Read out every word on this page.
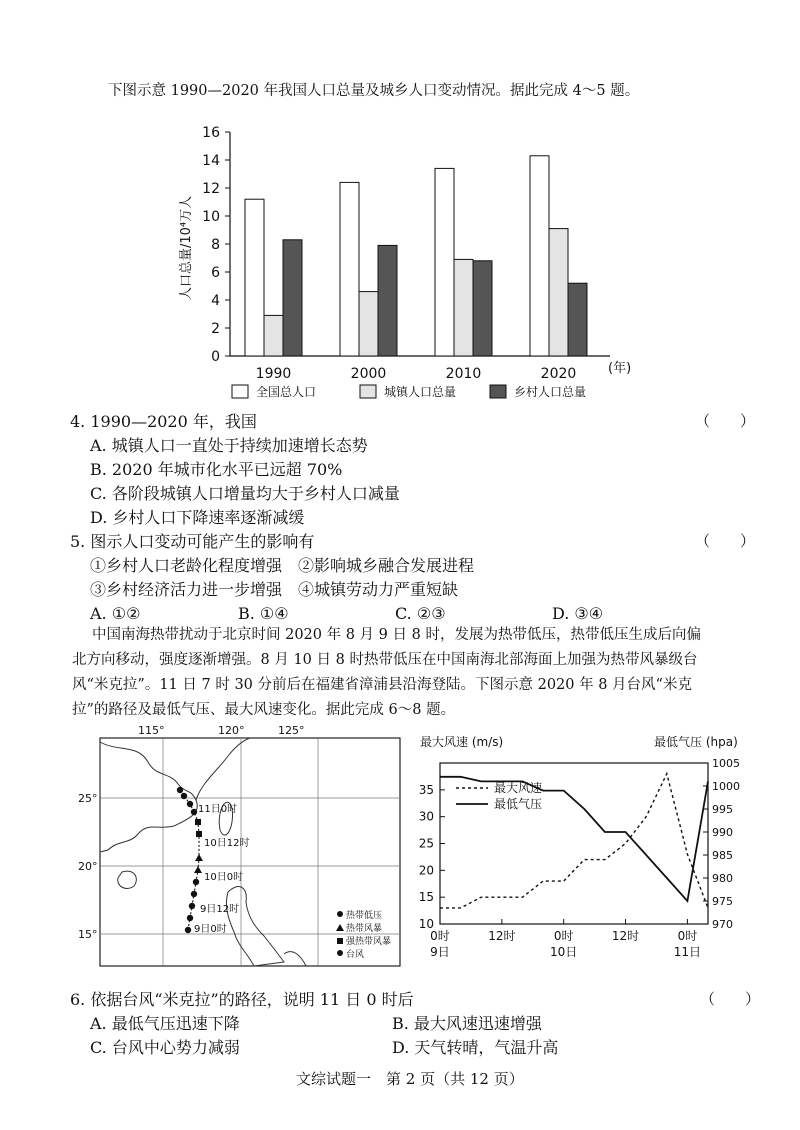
下图示意 1990—2020 年我国人口总量及城乡人口变动情况。据此完成 4～5 题。
0
2
4
6
8
10
12
14
16
1990	2000	2010	2020
全国总人口	城镇人口总量	乡村人口总量
人口总量/10⁴万人
(年)
4. 1990—2020 年，我国	（　　）
A. 城镇人口一直处于持续加速增长态势
B. 2020 年城市化水平已远超 70%
C. 各阶段城镇人口增量均大于乡村人口减量
D. 乡村人口下降速率逐渐减缓
5. 图示人口变动可能产生的影响有	（　　）
①乡村人口老龄化程度增强　②影响城乡融合发展进程
③乡村经济活力进一步增强　④城镇劳动力严重短缺
A. ①②	B. ①④	C. ②③	D. ③④
中国南海热带扰动于北京时间 2020 年 8 月 9 日 8 时，发展为热带低压，热带低压生成后向偏
北方向移动，强度逐渐增强。8 月 10 日 8 时热带低压在中国南海北部海面上加强为热带风暴级台
风“米克拉”。11 日 7 时 30 分前后在福建省漳浦县沿海登陆。下图示意 2020 年 8 月台风“米克
拉”的路径及最低气压、最大风速变化。据此完成 6～8 题。
115°	120°	125°
25°
20°
15°
11日0时
10日12时
10日0时
9日12时
9日0时
热带低压
热带风暴
强热带风暴
台风
10
15
20
25
30
35
970
975
980
985
990
995
1000
1005
0时	12时	0时	12时	0时
9日	10日	11日
最大风速
最低气压
最大风速 (m/s)	最低气压 (hpa)
6. 依据台风“米克拉”的路径，说明 11 日 0 时后	（　　）
A. 最低气压迅速下降	B. 最大风速迅速增强
C. 台风中心势力减弱	D. 天气转晴，气温升高
文综试题一　第 2 页（共 12 页）
